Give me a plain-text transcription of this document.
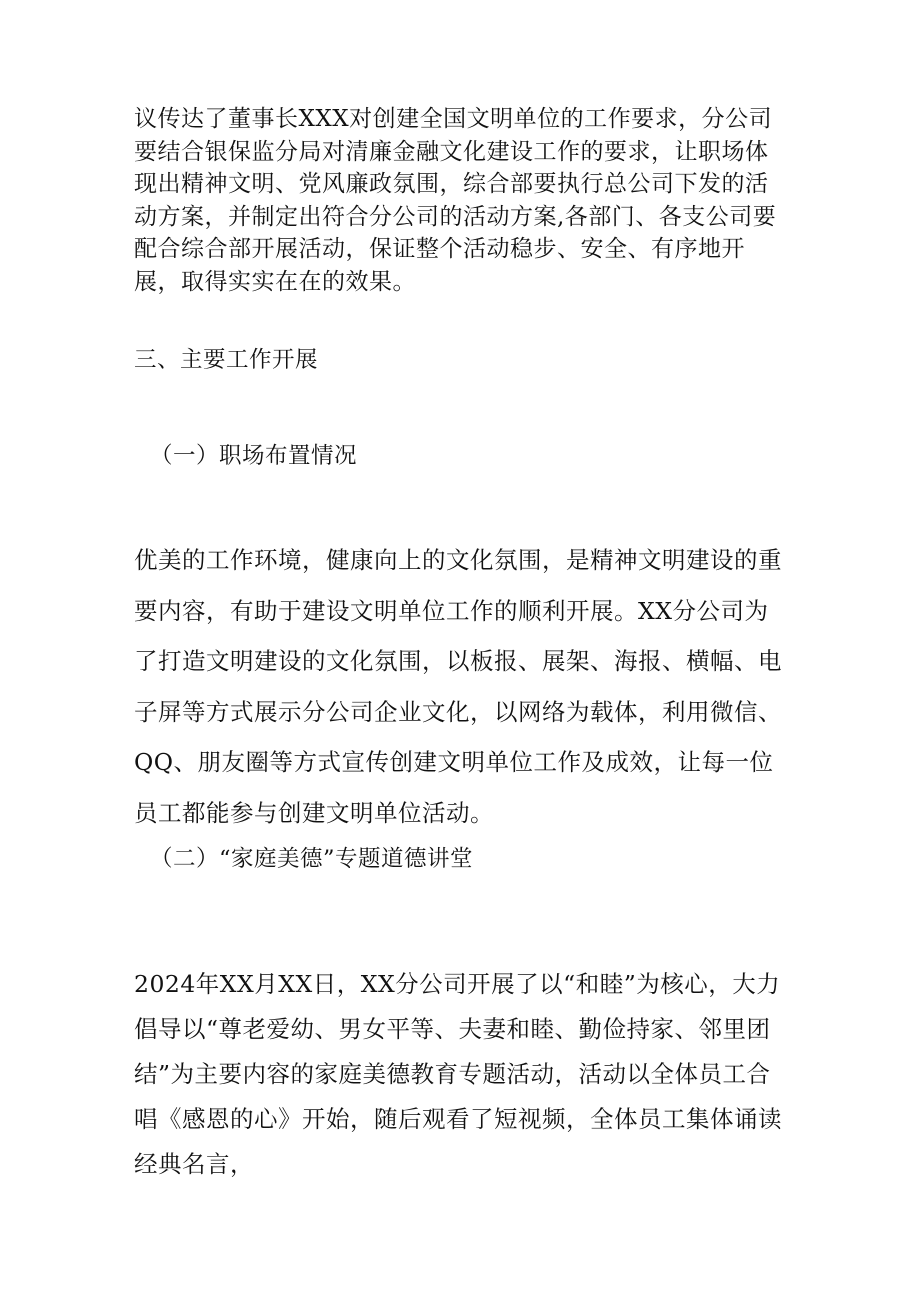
议传达了董事长XXX对创建全国文明单位的工作要求，分公司要结合银保监分局对清廉金融文化建设工作的要求，让职场体现出精神文明、党风廉政氛围，综合部要执行总公司下发的活动方案，并制定出符合分公司的活动方案,各部门、各支公司要配合综合部开展活动，保证整个活动稳步、安全、有序地开展，取得实实在在的效果。

三、主要工作开展

（一）职场布置情况

优美的工作环境，健康向上的文化氛围，是精神文明建设的重要内容，有助于建设文明单位工作的顺利开展。XX分公司为了打造文明建设的文化氛围，以板报、展架、海报、横幅、电子屏等方式展示分公司企业文化，以网络为载体，利用微信、QQ、朋友圈等方式宣传创建文明单位工作及成效，让每一位员工都能参与创建文明单位活动。

（二）“家庭美德”专题道德讲堂

2024年XX月XX日，XX分公司开展了以“和睦”为核心，大力倡导以“尊老爱幼、男女平等、夫妻和睦、勤俭持家、邻里团结”为主要内容的家庭美德教育专题活动，活动以全体员工合唱《感恩的心》开始，随后观看了短视频，全体员工集体诵读经典名言，
